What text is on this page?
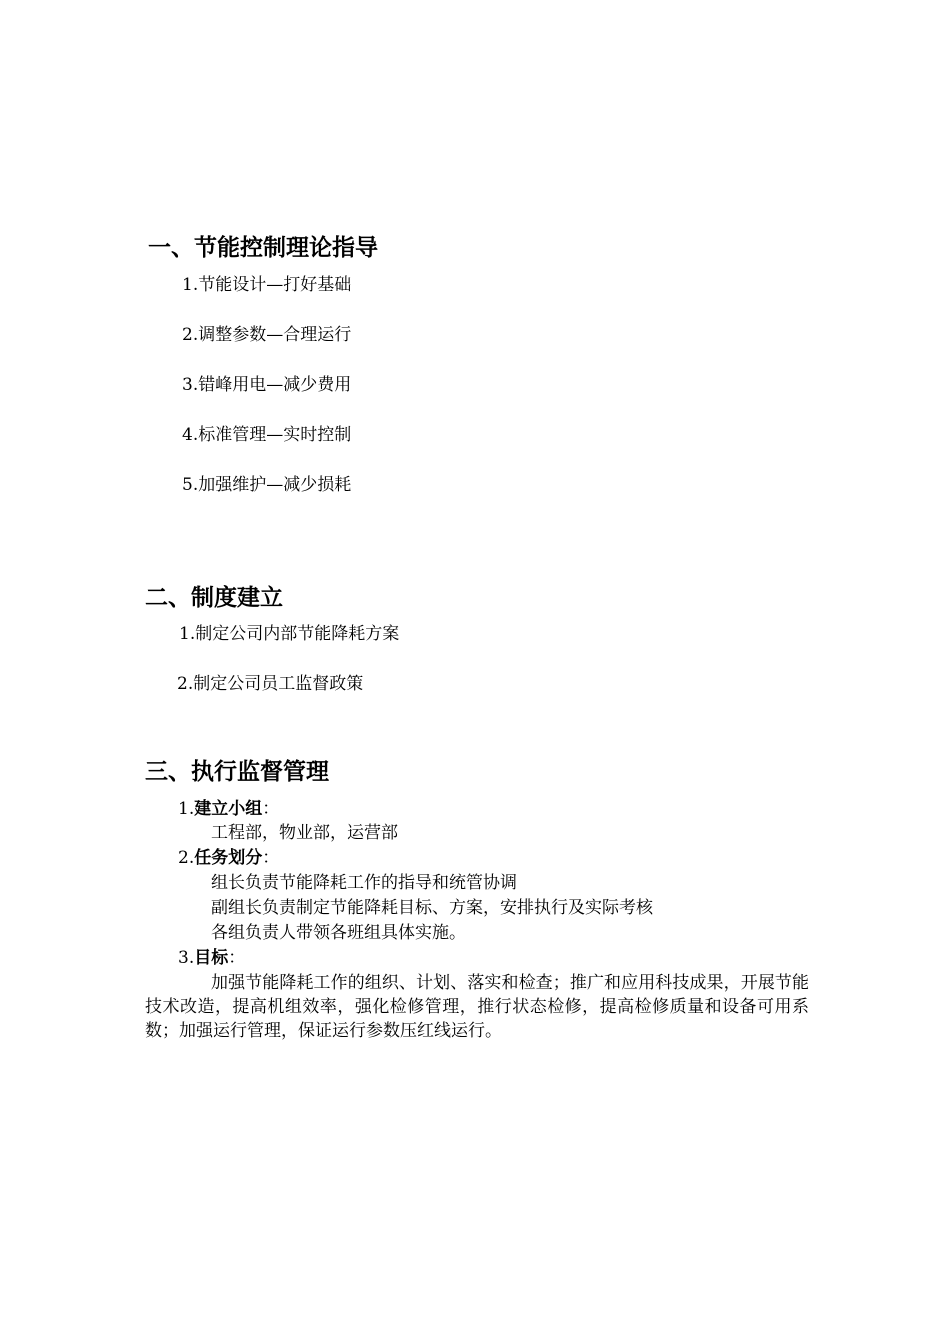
一、节能控制理论指导
1.节能设计—打好基础
2.调整参数—合理运行
3.错峰用电—减少费用
4.标准管理—实时控制
5.加强维护—减少损耗
二、制度建立
1.制定公司内部节能降耗方案
2.制定公司员工监督政策
三、执行监督管理
1.建立小组：
工程部，物业部，运营部
2.任务划分：
组长负责节能降耗工作的指导和统管协调
副组长负责制定节能降耗目标、方案，安排执行及实际考核
各组负责人带领各班组具体实施。
3.目标：
加强节能降耗工作的组织、计划、落实和检查；推广和应用科技成果，开展节能技术改造，提高机组效率，强化检修管理，推行状态检修，提高检修质量和设备可用系数；加强运行管理，保证运行参数压红线运行。
